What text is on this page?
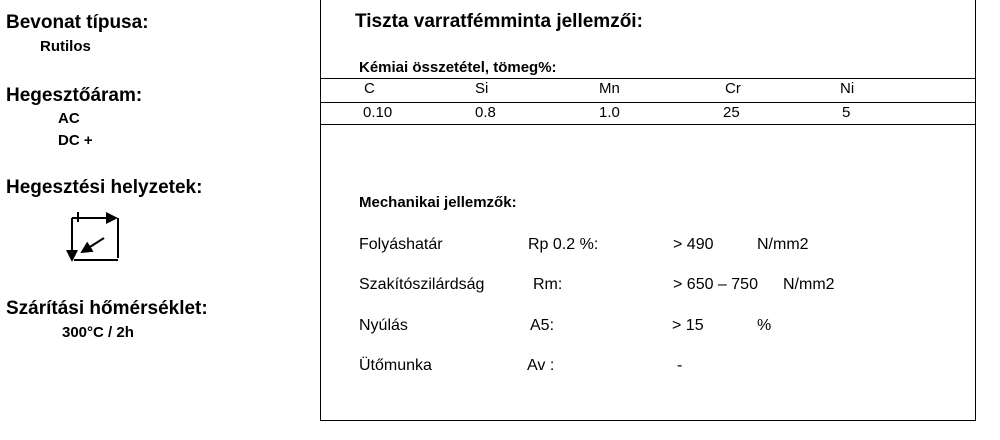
Bevonat típusa:
Rutilos
Hegesztőáram:
AC
DC +
Hegesztési helyzetek:
Szárítási hőmérséklet:
300°C / 2h
Tiszta varratfémminta jellemzői:
Kémiai összetétel, tömeg%:
C	Si	Mn	Cr	Ni
0.10	0.8	1.0	25	5
Mechanikai jellemzők:
Folyáshatár	Rp 0.2 %:	> 490	N/mm2
Szakítószilárdság	Rm:	> 650 – 750 N/mm2
Nyúlás	A5:	> 15	%
Ütőmunka	Av :	-
